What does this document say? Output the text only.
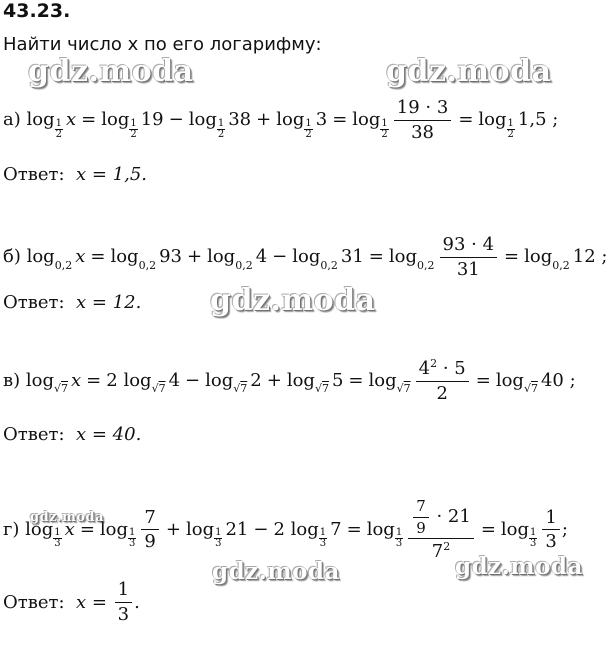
43.23.
Найти число x по его логарифму:
gdz.moda	gdz.moda
gdz.moda
gdz.moda
gdz.moda	gdz.moda
а) log 1
2
$x = \log \frac{1}{2} 19 - \log \frac{1}{2} 38 + \log \frac{1}{2} 3 = \log \frac{1}{2} \frac{19 \cdot 3}{38} = \log \frac{1}{2} 1,5$ ;
Ответ: x = 1,5.
б) log 0,2 x = log 0,2 93 + log 0,2 4 − log 0,2 $31 = \log 0,2 \frac{93 \cdot 4}{31} = \log 0,2$ 12 ;
Ответ: x = 12.
в) log √7 x = 2 log √7 4 − log √7 2 + log √7 $5 = \log √7 \frac{4^2 \cdot 5}{2} = \log √7$ 40 ;
Ответ: x = 40.
г) log 1
3
$x = \log \frac{1}{3}$
7
9
+ $\log \frac{1}{3} 21 - 2$ $\log \frac{1}{3} 7 = \log \frac{1}{3} 7$
9
· 21
$7^2 = \log \frac{1}{3}$
1
3
;
Ответ:
x =
1
3
.
